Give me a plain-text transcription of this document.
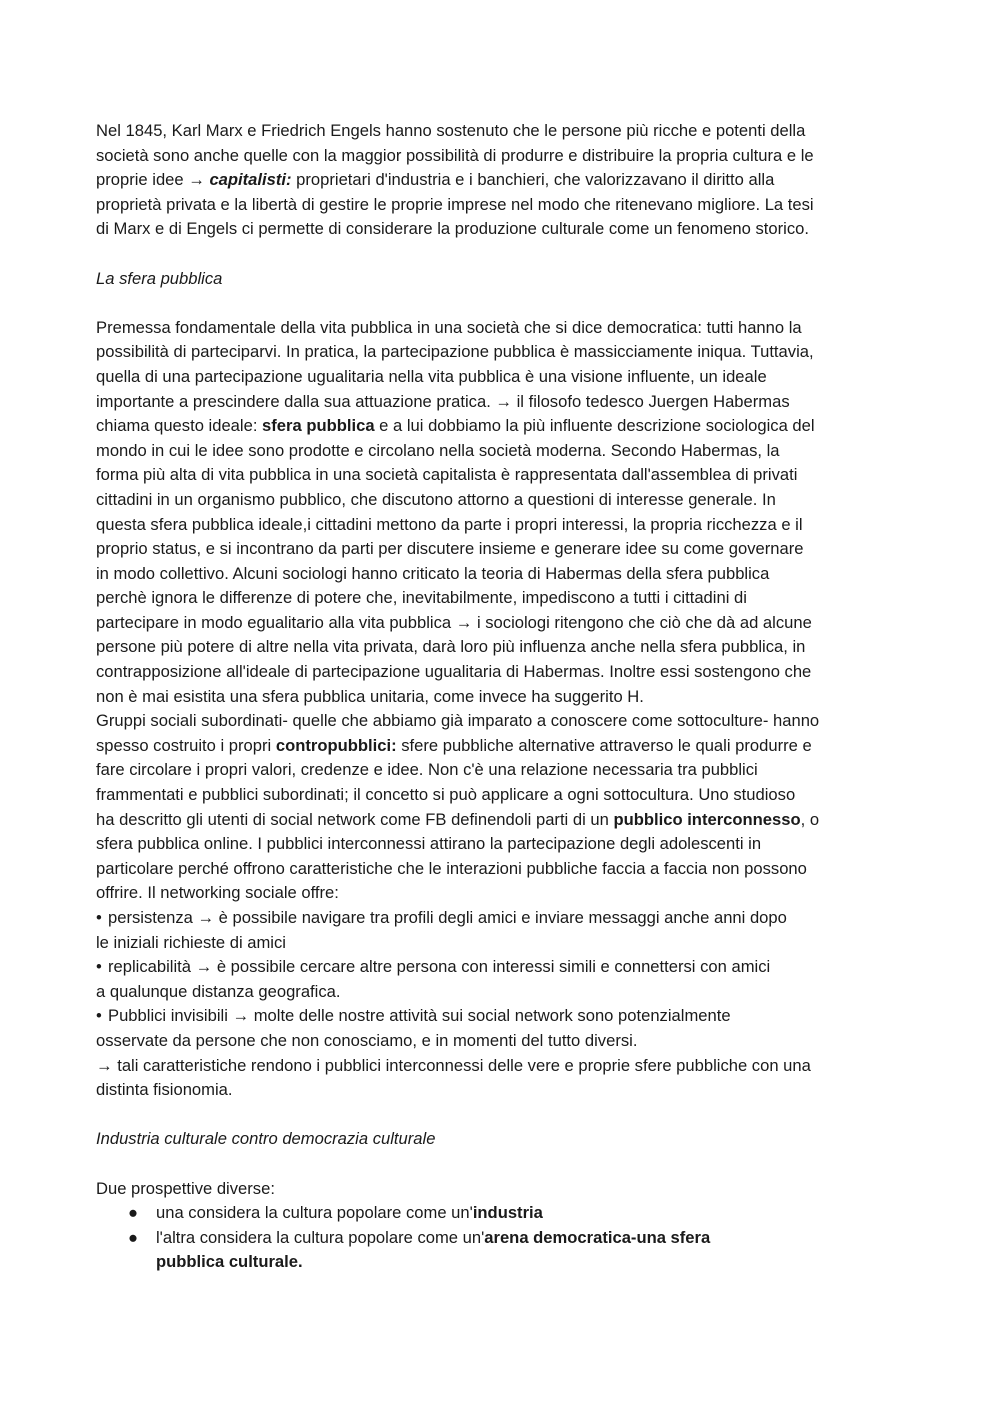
Nel 1845, Karl Marx e Friedrich Engels hanno sostenuto che le persone più ricche e potenti della
società sono anche quelle con la maggior possibilità di produrre e distribuire la propria cultura e le
proprie idee → capitalisti: proprietari d'industria e i banchieri, che valorizzavano il diritto alla
proprietà privata e la libertà di gestire le proprie imprese nel modo che ritenevano migliore. La tesi
di Marx e di Engels ci permette di considerare la produzione culturale come un fenomeno storico.

La sfera pubblica

Premessa fondamentale della vita pubblica in una società che si dice democratica: tutti hanno la
possibilità di parteciparvi. In pratica, la partecipazione pubblica è massicciamente iniqua. Tuttavia,
quella di una partecipazione ugualitaria nella vita pubblica è una visione influente, un ideale
importante a prescindere dalla sua attuazione pratica. → il filosofo tedesco Juergen Habermas
chiama questo ideale: sfera pubblica e a lui dobbiamo la più influente descrizione sociologica del
mondo in cui le idee sono prodotte e circolano nella società moderna. Secondo Habermas, la
forma più alta di vita pubblica in una società capitalista è rappresentata dall'assemblea di privati
cittadini in un organismo pubblico, che discutono attorno a questioni di interesse generale. In
questa sfera pubblica ideale,i cittadini mettono da parte i propri interessi, la propria ricchezza e il
proprio status, e si incontrano da parti per discutere insieme e generare idee su come governare
in modo collettivo. Alcuni sociologi hanno criticato la teoria di Habermas della sfera pubblica
perchè ignora le differenze di potere che, inevitabilmente, impediscono a tutti i cittadini di
partecipare in modo egualitario alla vita pubblica → i sociologi ritengono che ciò che dà ad alcune
persone più potere di altre nella vita privata, darà loro più influenza anche nella sfera pubblica, in
contrapposizione all'ideale di partecipazione ugualitaria di Habermas. Inoltre essi sostengono che
non è mai esistita una sfera pubblica unitaria, come invece ha suggerito H.
Gruppi sociali subordinati- quelle che abbiamo già imparato a conoscere come sottoculture- hanno
spesso costruito i propri contropubblici: sfere pubbliche alternative attraverso le quali produrre e
fare circolare i propri valori, credenze e idee. Non c'è una relazione necessaria tra pubblici
frammentati e pubblici subordinati; il concetto si può applicare a ogni sottocultura. Uno studioso
ha descritto gli utenti di social network come FB definendoli parti di un pubblico interconnesso, o
sfera pubblica online. I pubblici interconnessi attirano la partecipazione degli adolescenti in
particolare perché offrono caratteristiche che le interazioni pubbliche faccia a faccia non possono
offrire. Il networking sociale offre:
• persistenza → è possibile navigare tra profili degli amici e inviare messaggi anche anni dopo
le iniziali richieste di amici
• replicabilità → è possibile cercare altre persona con interessi simili e connettersi con amici
a qualunque distanza geografica.
• Pubblici invisibili → molte delle nostre attività sui social network sono potenzialmente
osservate da persone che non conosciamo, e in momenti del tutto diversi.
→ tali caratteristiche rendono i pubblici interconnessi delle vere e proprie sfere pubbliche con una
distinta fisionomia.

Industria culturale contro democrazia culturale

Due prospettive diverse:

●	una considera la cultura popolare come un'industria
●	l'altra considera la cultura popolare come un'arena democratica-una sfera
pubblica culturale.
